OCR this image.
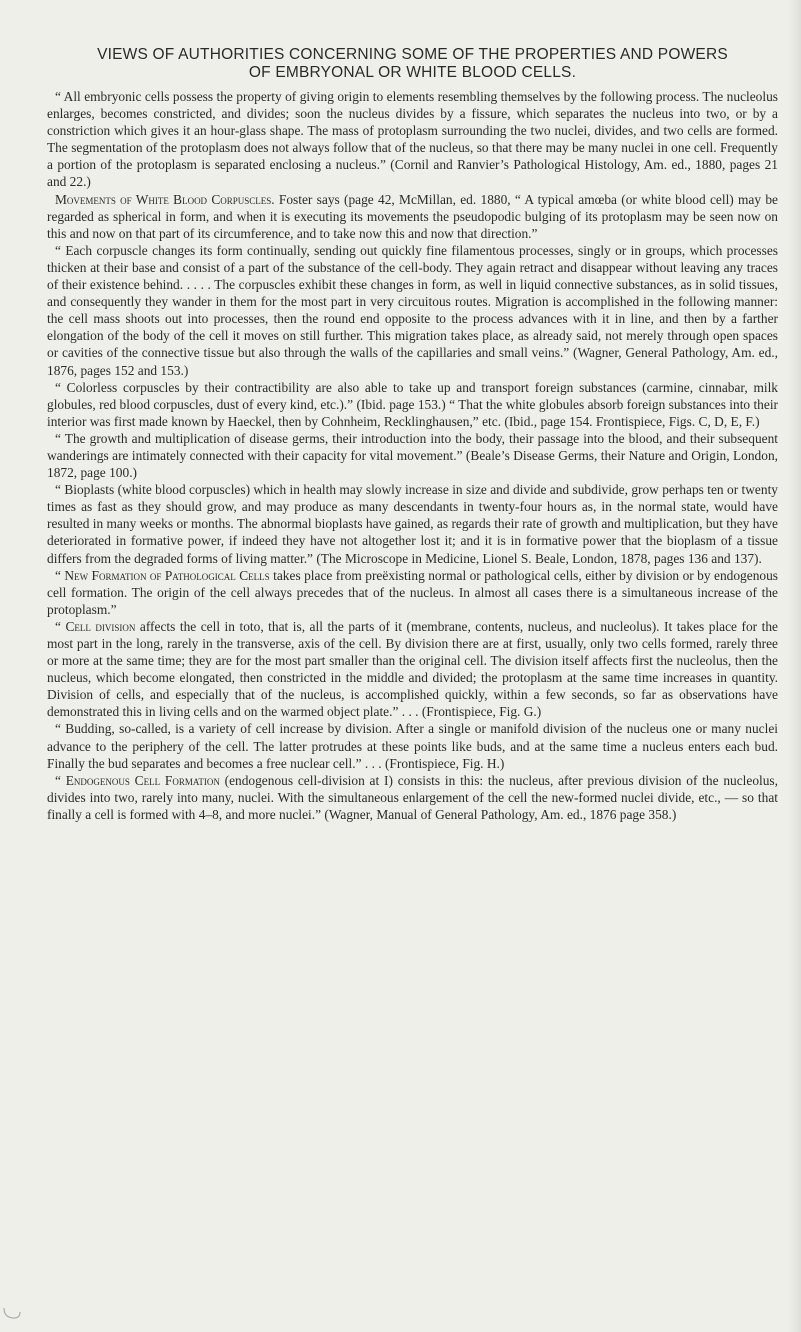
VIEWS OF AUTHORITIES CONCERNING SOME OF THE PROPERTIES AND POWERS
OF EMBRYONAL OR WHITE BLOOD CELLS.

“ All embryonic cells possess the property of giving origin to elements resembling themselves by the following process. The nucleolus enlarges, becomes constricted, and divides; soon the nucleus divides by a fissure, which separates the nucleus into two, or by a constriction which gives it an hour-glass shape. The mass of protoplasm surrounding the two nuclei, divides, and two cells are formed. The segmentation of the protoplasm does not always follow that of the nucleus, so that there may be many nuclei in one cell. Frequently a portion of the protoplasm is separated enclosing a nucleus.” (Cornil and Ranvier’s Pathological Histology, Am. ed., 1880, pages 21 and 22.)

Movements of White Blood Corpuscles. Foster says (page 42, McMillan, ed. 1880, “ A typical amœba (or white blood cell) may be regarded as spherical in form, and when it is executing its movements the pseudopodic bulging of its protoplasm may be seen now on this and now on that part of its circumference, and to take now this and now that direction.”

“ Each corpuscle changes its form continually, sending out quickly fine filamentous processes, singly or in groups, which processes thicken at their base and consist of a part of the substance of the cell-body. They again retract and disappear without leaving any traces of their existence behind. . . . . The corpuscles exhibit these changes in form, as well in liquid connective substances, as in solid tissues, and consequently they wander in them for the most part in very circuitous routes. Migration is accomplished in the following manner: the cell mass shoots out into processes, then the round end opposite to the process advances with it in line, and then by a farther elongation of the body of the cell it moves on still further. This migration takes place, as already said, not merely through open spaces or cavities of the connective tissue but also through the walls of the capillaries and small veins.” (Wagner, General Pathology, Am. ed., 1876, pages 152 and 153.)

“ Colorless corpuscles by their contractibility are also able to take up and transport foreign substances (carmine, cinnabar, milk globules, red blood corpuscles, dust of every kind, etc.).” (Ibid. page 153.) “ That the white globules absorb foreign substances into their interior was first made known by Haeckel, then by Cohnheim, Recklinghausen,” etc. (Ibid., page 154. Frontispiece, Figs. C, D, E, F.)

“ The growth and multiplication of disease germs, their introduction into the body, their passage into the blood, and their subsequent wanderings are intimately connected with their capacity for vital movement.” (Beale’s Disease Germs, their Nature and Origin, London, 1872, page 100.)

“ Bioplasts (white blood corpuscles) which in health may slowly increase in size and divide and subdivide, grow perhaps ten or twenty times as fast as they should grow, and may produce as many descendants in twenty-four hours as, in the normal state, would have resulted in many weeks or months. The abnormal bioplasts have gained, as regards their rate of growth and multiplication, but they have deteriorated in formative power, if indeed they have not altogether lost it; and it is in formative power that the bioplasm of a tissue differs from the degraded forms of living matter.” (The Microscope in Medicine, Lionel S. Beale, London, 1878, pages 136 and 137).

“ New Formation of Pathological Cells takes place from preëxisting normal or pathological cells, either by division or by endogenous cell formation. The origin of the cell always precedes that of the nucleus. In almost all cases there is a simultaneous increase of the protoplasm.”

“ Cell division affects the cell in toto, that is, all the parts of it (membrane, contents, nucleus, and nucleolus). It takes place for the most part in the long, rarely in the transverse, axis of the cell. By division there are at first, usually, only two cells formed, rarely three or more at the same time; they are for the most part smaller than the original cell. The division itself affects first the nucleolus, then the nucleus, which become elongated, then constricted in the middle and divided; the protoplasm at the same time increases in quantity. Division of cells, and especially that of the nucleus, is accomplished quickly, within a few seconds, so far as observations have demonstrated this in living cells and on the warmed object plate.” . . . (Frontispiece, Fig. G.)

“ Budding, so-called, is a variety of cell increase by division. After a single or manifold division of the nucleus one or many nuclei advance to the periphery of the cell. The latter protrudes at these points like buds, and at the same time a nucleus enters each bud. Finally the bud separates and becomes a free nuclear cell.” . . . (Frontispiece, Fig. H.)

“ Endogenous Cell Formation (endogenous cell-division at I) consists in this: the nucleus, after previous division of the nucleolus, divides into two, rarely into many, nuclei. With the simultaneous enlargement of the cell the new-formed nuclei divide, etc., — so that finally a cell is formed with 4–8, and more nuclei.” (Wagner, Manual of General Pathology, Am. ed., 1876 page 358.)
